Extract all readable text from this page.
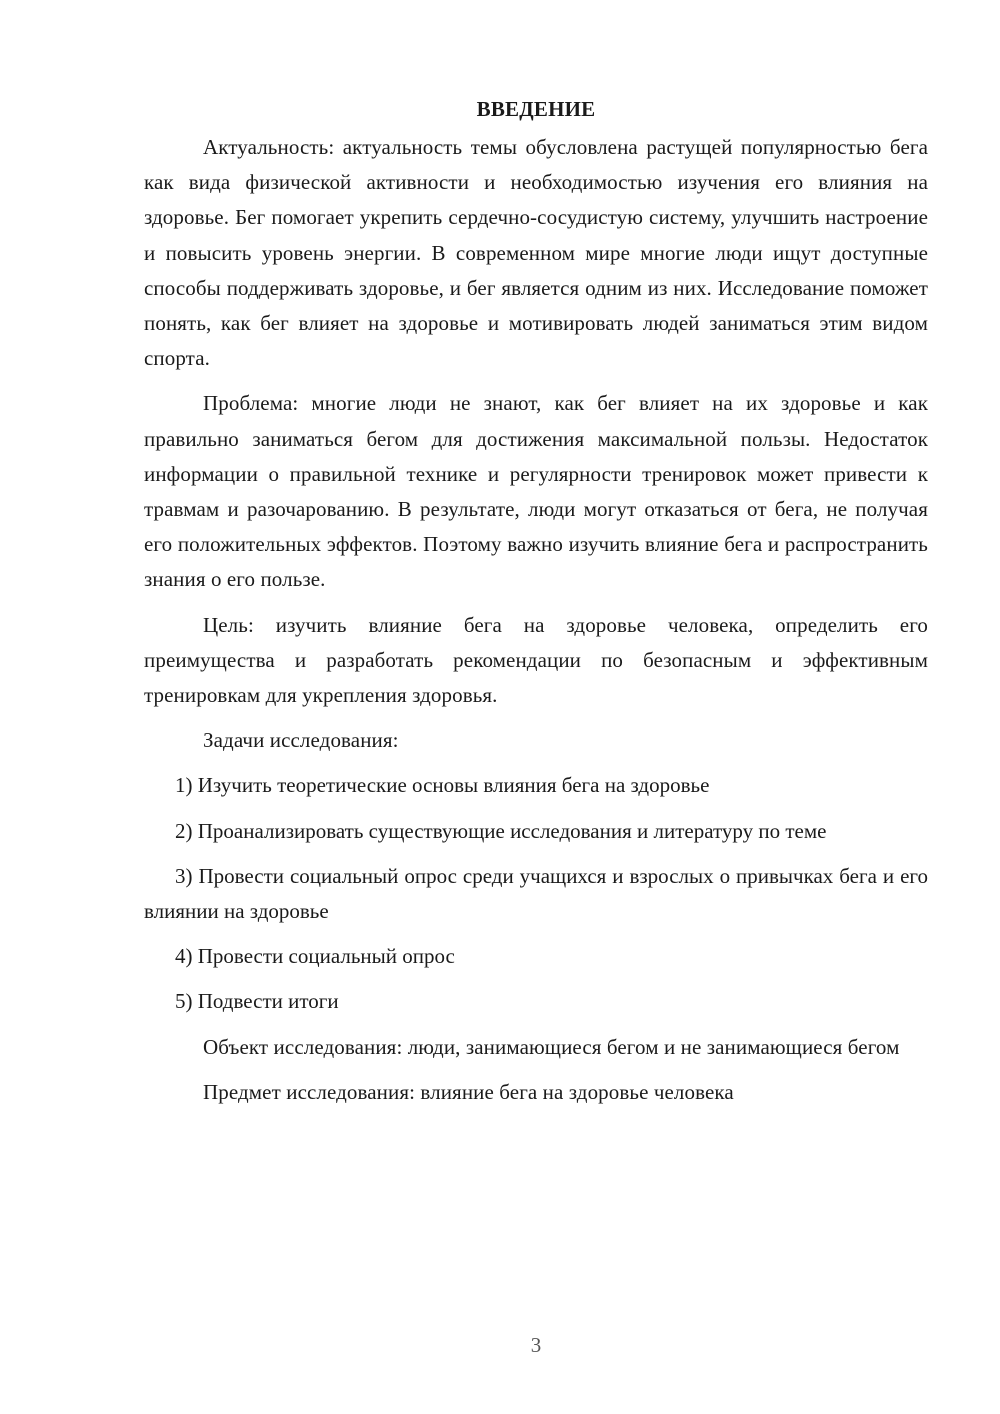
ВВЕДЕНИЕ

Актуальность: актуальность темы обусловлена растущей популярностью бега как вида физической активности и необходимостью изучения его влияния на здоровье. Бег помогает укрепить сердечно-сосудистую систему, улучшить настроение и повысить уровень энергии. В современном мире многие люди ищут доступные способы поддерживать здоровье, и бег является одним из них. Исследование поможет понять, как бег влияет на здоровье и мотивировать людей заниматься этим видом спорта.

Проблема: многие люди не знают, как бег влияет на их здоровье и как правильно заниматься бегом для достижения максимальной пользы. Недостаток информации о правильной технике и регулярности тренировок может привести к травмам и разочарованию. В результате, люди могут отказаться от бега, не получая его положительных эффектов. Поэтому важно изучить влияние бега и распространить знания о его пользе.

Цель: изучить влияние бега на здоровье человека, определить его преимущества и разработать рекомендации по безопасным и эффективным тренировкам для укрепления здоровья.

Задачи исследования:

1) Изучить теоретические основы влияния бега на здоровье

2) Проанализировать существующие исследования и литературу по теме

3) Провести социальный опрос среди учащихся и взрослых о привычках бега и его влиянии на здоровье

4) Провести социальный опрос

5) Подвести итоги

Объект исследования: люди, занимающиеся бегом и не занимающиеся бегом

Предмет исследования: влияние бега на здоровье человека

3
